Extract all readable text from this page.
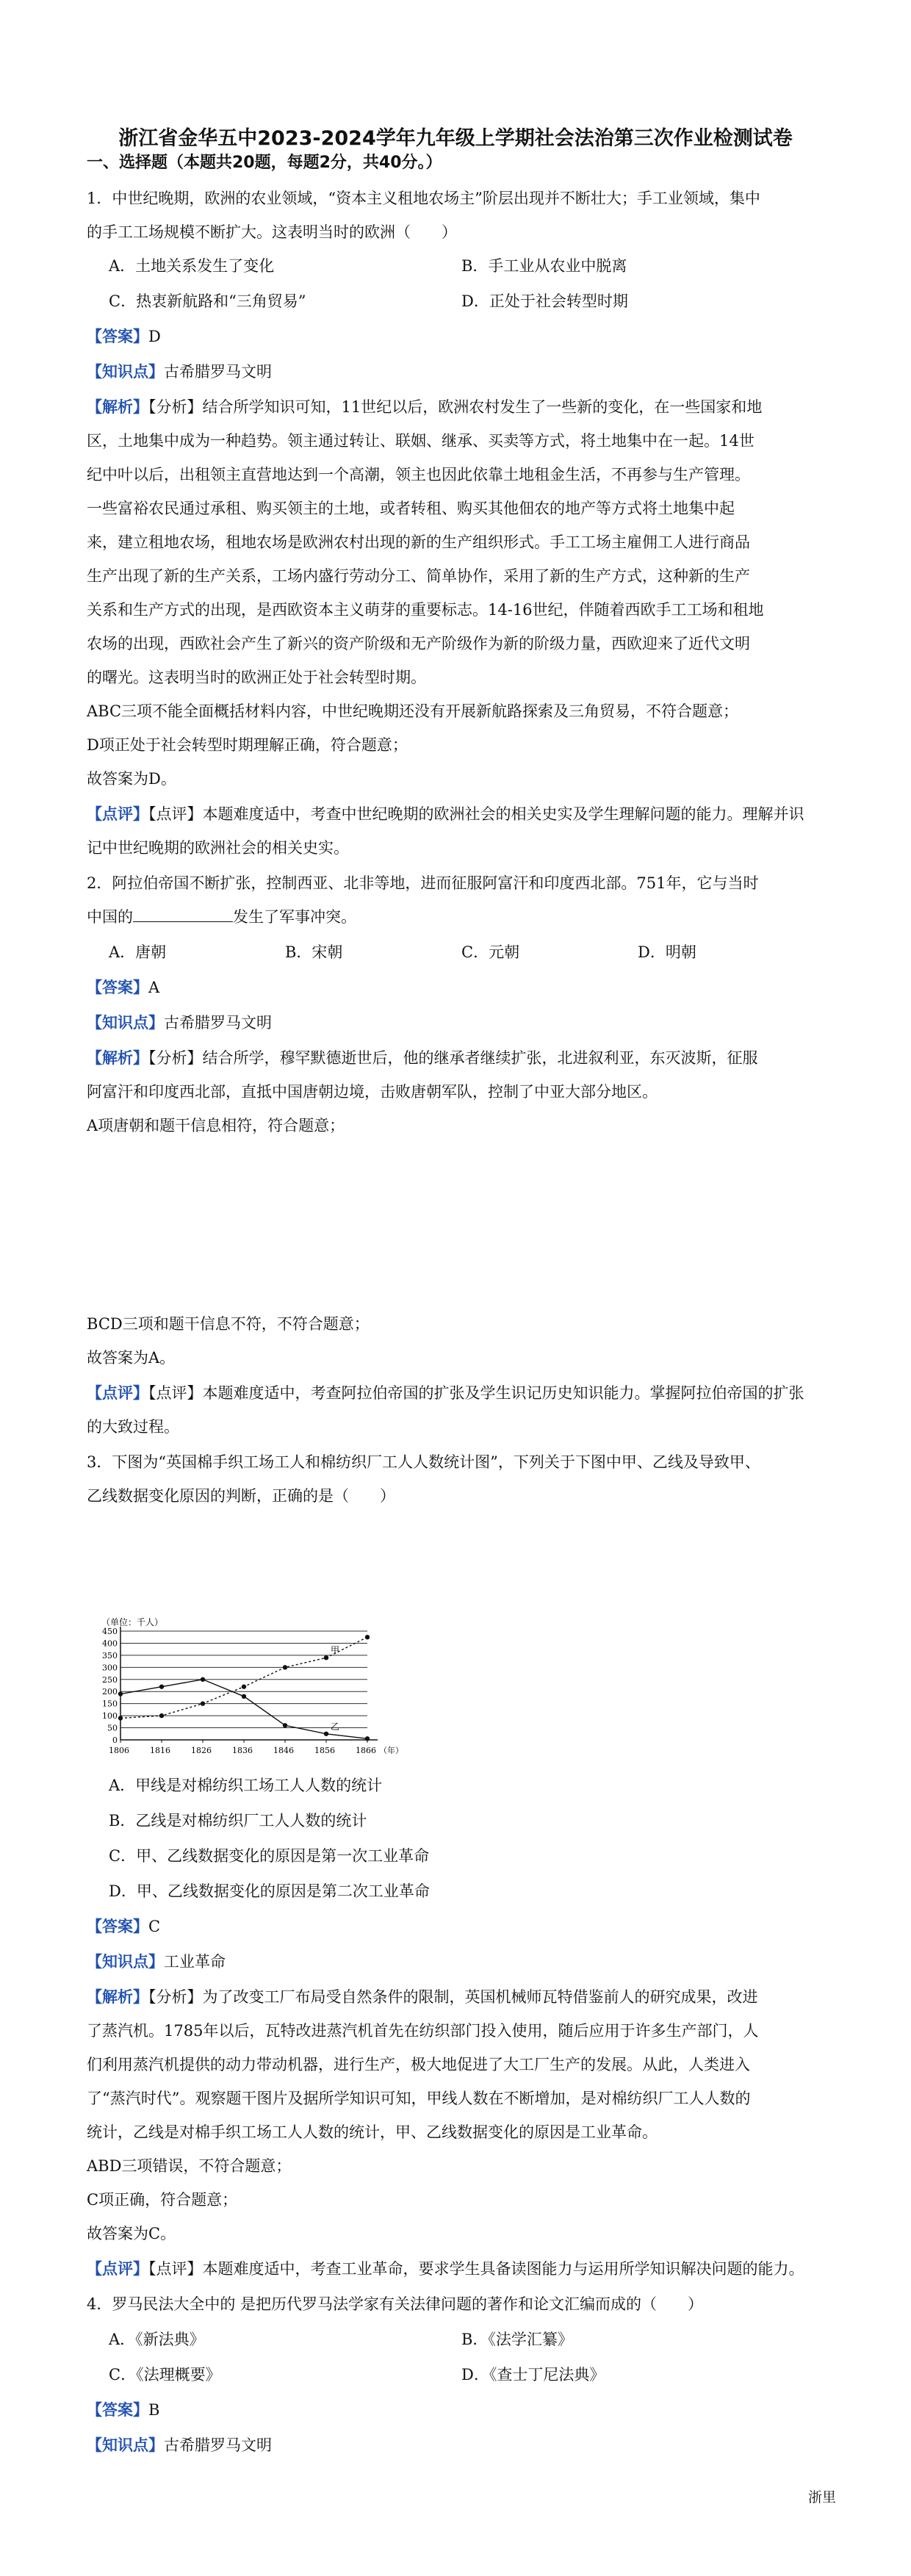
浙江省金华五中2023-2024学年九年级上学期社会法治第三次作业检测试卷
一、选择题（本题共20题，每题2分，共40分。）
1．中世纪晚期，欧洲的农业领域，“资本主义租地农场主”阶层出现并不断壮大；手工业领域，集中
的手工工场规模不断扩大。这表明当时的欧洲（　　）
A．土地关系发生了变化	B．手工业从农业中脱离
C．热衷新航路和“三角贸易”	D．正处于社会转型时期
【答案】D
【知识点】古希腊罗马文明
【解析】【分析】结合所学知识可知，11世纪以后，欧洲农村发生了一些新的变化，在一些国家和地
区，土地集中成为一种趋势。领主通过转让、联姻、继承、买卖等方式，将土地集中在一起。14世
纪中叶以后，出租领主直营地达到一个高潮，领主也因此依靠土地租金生活，不再参与生产管理。
一些富裕农民通过承租、购买领主的土地，或者转租、购买其他佃农的地产等方式将土地集中起
来，建立租地农场，租地农场是欧洲农村出现的新的生产组织形式。手工工场主雇佣工人进行商品
生产出现了新的生产关系，工场内盛行劳动分工、简单协作，采用了新的生产方式，这种新的生产
关系和生产方式的出现，是西欧资本主义萌芽的重要标志。14-16世纪，伴随着西欧手工工场和租地
农场的出现，西欧社会产生了新兴的资产阶级和无产阶级作为新的阶级力量，西欧迎来了近代文明
的曙光。这表明当时的欧洲正处于社会转型时期。
ABC三项不能全面概括材料内容，中世纪晚期还没有开展新航路探索及三角贸易，不符合题意；
D项正处于社会转型时期理解正确，符合题意；
故答案为D。
【点评】【点评】本题难度适中，考查中世纪晚期的欧洲社会的相关史实及学生理解问题的能力。理解并识
记中世纪晚期的欧洲社会的相关史实。
2．阿拉伯帝国不断扩张，控制西亚、北非等地，进而征服阿富汗和印度西北部。751年，它与当时
中国的	发生了军事冲突。
A．唐朝	B．宋朝	C．元朝	D．明朝
【答案】A
【知识点】古希腊罗马文明
【解析】【分析】结合所学，穆罕默德逝世后，他的继承者继续扩张，北进叙利亚，东灭波斯，征服
阿富汗和印度西北部，直抵中国唐朝边境，击败唐朝军队，控制了中亚大部分地区。
A项唐朝和题干信息相符，符合题意；
BCD三项和题干信息不符，不符合题意；
故答案为A。
【点评】【点评】本题难度适中，考查阿拉伯帝国的扩张及学生识记历史知识能力。掌握阿拉伯帝国的扩张
的大致过程。
3．下图为“英国棉手织工场工人和棉纺织厂工人人数统计图”，下列关于下图中甲、乙线及导致甲、
乙线数据变化原因的判断，正确的是（　　）
（单位：千人）
0
50
100
150
200
250
300
350
400
450
1806	1816	1826	1836	1846	1856	1866 （年）
甲
乙
A．甲线是对棉纺织工场工人人数的统计
B．乙线是对棉纺织厂工人人数的统计
C．甲、乙线数据变化的原因是第一次工业革命
D．甲、乙线数据变化的原因是第二次工业革命
【答案】C
【知识点】工业革命
【解析】【分析】为了改变工厂布局受自然条件的限制，英国机械师瓦特借鉴前人的研究成果，改进
了蒸汽机。1785年以后，瓦特改进蒸汽机首先在纺织部门投入使用，随后应用于许多生产部门，人
们利用蒸汽机提供的动力带动机器，进行生产，极大地促进了大工厂生产的发展。从此，人类进入
了“蒸汽时代”。观察题干图片及据所学知识可知，甲线人数在不断增加，是对棉纺织厂工人人数的
统计，乙线是对棉手织工场工人人数的统计，甲、乙线数据变化的原因是工业革命。
ABD三项错误，不符合题意；
C项正确，符合题意；
故答案为C。
【点评】【点评】本题难度适中，考查工业革命，要求学生具备读图能力与运用所学知识解决问题的能力。
4．罗马民法大全中的 是把历代罗马法学家有关法律问题的著作和论文汇编而成的（　　）
A．《新法典》	B．《法学汇纂》
C．《法理概要》	D．《查士丁尼法典》
【答案】B
【知识点】古希腊罗马文明
浙里
